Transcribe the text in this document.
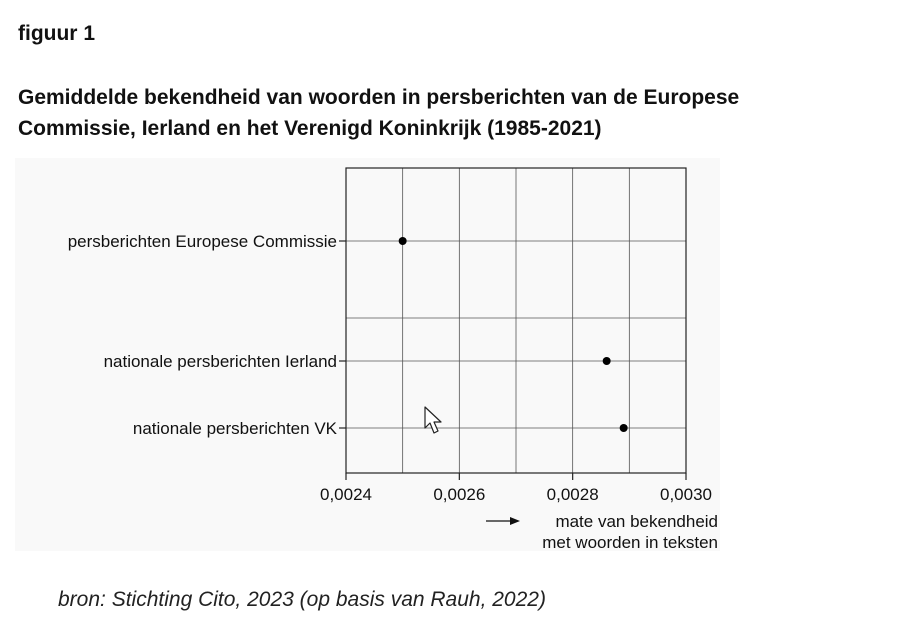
figuur 1
Gemiddelde bekendheid van woorden in persberichten van de Europese
Commissie, Ierland en het Verenigd Koninkrijk (1985-2021)
persberichten Europese Commissie
nationale persberichten Ierland
nationale persberichten VK
0,0024	0,0026	0,0028	0,0030
mate van bekendheid
met woorden in teksten
bron: Stichting Cito, 2023 (op basis van Rauh, 2022)
